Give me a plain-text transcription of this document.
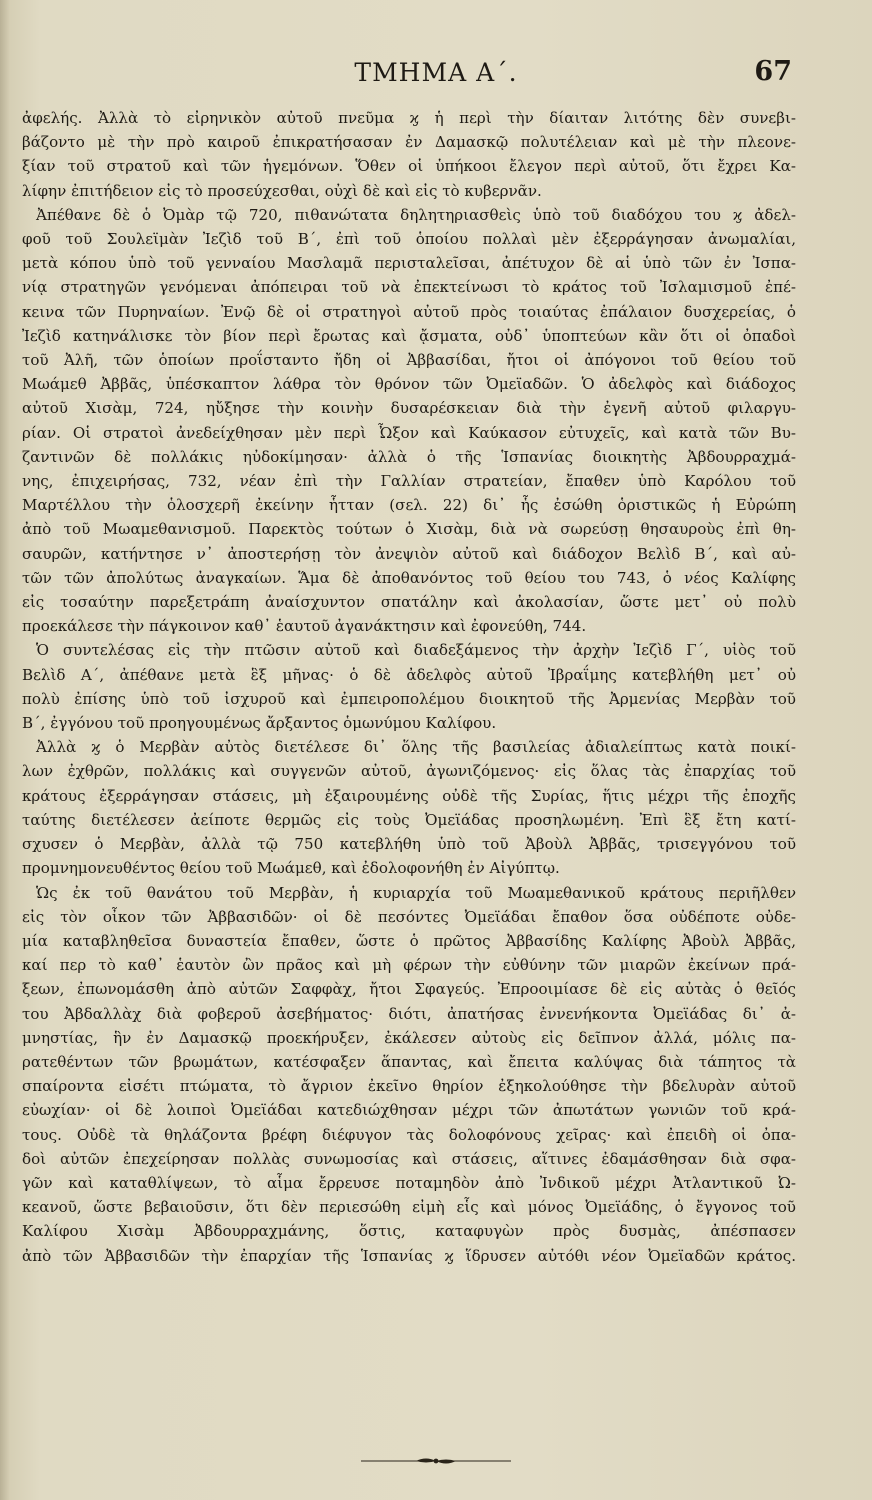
ΤΜΗΜΑ Α΄.	67
ἀφελής. Ἀλλὰ τὸ εἰρηνικὸν αὐτοῦ πνεῦμα ϗ ἡ περὶ τὴν δίαιταν λιτότης δὲν συνεβι-
βάζοντο μὲ τὴν πρὸ καιροῦ ἐπικρατήσασαν ἐν Δαμασκῷ πολυτέλειαν καὶ μὲ τὴν πλεονε-
ξίαν τοῦ στρατοῦ καὶ τῶν ἡγεμόνων. Ὅθεν οἱ ὑπήκοοι ἔλεγον περὶ αὐτοῦ, ὅτι ἔχρει Κα-
λίφην ἐπιτήδειον εἰς τὸ προσεύχεσθαι, οὐχὶ δὲ καὶ εἰς τὸ κυβερνᾶν.
Ἀπέθανε δὲ ὁ Ὀμὰρ τῷ 720, πιθανώτατα δηλητηριασθεὶς ὑπὸ τοῦ διαδόχου του ϗ ἀδελ-
φοῦ τοῦ Σουλεϊμὰν Ἰεζὶδ τοῦ Β΄, ἐπὶ τοῦ ὁποίου πολλαὶ μὲν ἐξερράγησαν ἀνωμαλίαι,
μετὰ κόπου ὑπὸ τοῦ γενναίου Μασλαμᾶ περισταλεῖσαι, ἀπέτυχον δὲ αἱ ὑπὸ τῶν ἐν Ἰσπα-
νίᾳ στρατηγῶν γενόμεναι ἀπόπειραι τοῦ νὰ ἐπεκτείνωσι τὸ κράτος τοῦ Ἰσλαμισμοῦ ἐπέ-
κεινα τῶν Πυρηναίων. Ἐνῷ δὲ οἱ στρατηγοὶ αὐτοῦ πρὸς τοιαύτας ἐπάλαιον δυσχερείας, ὁ
Ἰεζὶδ κατηνάλισκε τὸν βίον περὶ ἔρωτας καὶ ᾄσματα, οὐδ᾽ ὑποπτεύων κἂν ὅτι οἱ ὀπαδοὶ
τοῦ Ἀλῆ, τῶν ὁποίων προΐσταντο ἤδη οἱ Ἀββασίδαι, ἤτοι οἱ ἀπόγονοι τοῦ θείου τοῦ
Μωάμεθ Ἀββᾶς, ὑπέσκαπτον λάθρα τὸν θρόνον τῶν Ὀμεϊαδῶν. Ὁ ἀδελφὸς καὶ διάδοχος
αὐτοῦ Χισὰμ, 724, ηὔξησε τὴν κοινὴν δυσαρέσκειαν διὰ τὴν ἐγενῆ αὐτοῦ φιλαργυ-
ρίαν. Οἱ στρατοὶ ἀνεδείχθησαν μὲν περὶ Ὦξον καὶ Καύκασον εὐτυχεῖς, καὶ κατὰ τῶν Βυ-
ζαντινῶν δὲ πολλάκις ηὐδοκίμησαν· ἀλλὰ ὁ τῆς Ἱσπανίας διοικητὴς Ἀβδουρραχμά-
νης, ἐπιχειρήσας, 732, νέαν ἐπὶ τὴν Γαλλίαν στρατείαν, ἔπαθεν ὑπὸ Καρόλου τοῦ
Μαρτέλλου τὴν ὁλοσχερῆ ἐκείνην ἧτταν (σελ. 22) δι᾽ ἧς ἐσώθη ὁριστικῶς ἡ Εὐρώπη
ἀπὸ τοῦ Μωαμεθανισμοῦ. Παρεκτὸς τούτων ὁ Χισὰμ, διὰ νὰ σωρεύσῃ θησαυροὺς ἐπὶ θη-
σαυρῶν, κατήντησε ν᾽ ἀποστερήσῃ τὸν ἀνεψιὸν αὐτοῦ καὶ διάδοχον Βελὶδ Β΄, καὶ αὐ-
τῶν τῶν ἀπολύτως ἀναγκαίων. Ἅμα δὲ ἀποθανόντος τοῦ θείου του 743, ὁ νέος Καλίφης
εἰς τοσαύτην παρεξετράπη ἀναίσχυντον σπατάλην καὶ ἀκολασίαν, ὥστε μετ᾽ οὐ πολὺ
προεκάλεσε τὴν πάγκοινον καθ᾽ ἑαυτοῦ ἀγανάκτησιν καὶ ἐφονεύθη, 744.
Ὁ συντελέσας εἰς τὴν πτῶσιν αὐτοῦ καὶ διαδεξάμενος τὴν ἀρχὴν Ἰεζὶδ Γ΄, υἱὸς τοῦ
Βελὶδ Α΄, ἀπέθανε μετὰ ἓξ μῆνας· ὁ δὲ ἀδελφὸς αὐτοῦ Ἰβραΐμης κατεβλήθη μετ᾽ οὐ
πολὺ ἐπίσης ὑπὸ τοῦ ἰσχυροῦ καὶ ἐμπειροπολέμου διοικητοῦ τῆς Ἀρμενίας Μερβὰν τοῦ
Β΄, ἐγγόνου τοῦ προηγουμένως ἄρξαντος ὁμωνύμου Καλίφου.
Ἀλλὰ ϗ ὁ Μερβὰν αὐτὸς διετέλεσε δι᾽ ὅλης τῆς βασιλείας ἀδιαλείπτως κατὰ ποικί-
λων ἐχθρῶν, πολλάκις καὶ συγγενῶν αὐτοῦ, ἀγωνιζόμενος· εἰς ὅλας τὰς ἐπαρχίας τοῦ
κράτους ἐξερράγησαν στάσεις, μὴ ἐξαιρουμένης οὐδὲ τῆς Συρίας, ἥτις μέχρι τῆς ἐποχῆς
ταύτης διετέλεσεν ἀείποτε θερμῶς εἰς τοὺς Ὀμεϊάδας προσηλωμένη. Ἐπὶ ἓξ ἔτη κατί-
σχυσεν ὁ Μερβὰν, ἀλλὰ τῷ 750 κατεβλήθη ὑπὸ τοῦ Ἀβοὺλ Ἀββᾶς, τρισεγγόνου τοῦ
προμνημονευθέντος θείου τοῦ Μωάμεθ, καὶ ἐδολοφονήθη ἐν Αἰγύπτῳ.
Ὡς ἐκ τοῦ θανάτου τοῦ Μερβὰν, ἡ κυριαρχία τοῦ Μωαμεθανικοῦ κράτους περιῆλθεν
εἰς τὸν οἶκον τῶν Ἀββασιδῶν· οἱ δὲ πεσόντες Ὀμεϊάδαι ἔπαθον ὅσα οὐδέποτε οὐδε-
μία καταβληθεῖσα δυναστεία ἔπαθεν, ὥστε ὁ πρῶτος Ἀββασίδης Καλίφης Ἀβοὺλ Ἀββᾶς,
καί περ τὸ καθ᾽ ἑαυτὸν ὢν πρᾶος καὶ μὴ φέρων τὴν εὐθύνην τῶν μιαρῶν ἐκείνων πρά-
ξεων, ἐπωνομάσθη ἀπὸ αὐτῶν Σαφφὰχ, ἤτοι Σφαγεύς. Ἐπροοιμίασε δὲ εἰς αὐτὰς ὁ θεῖός
του Ἀβδαλλὰχ διὰ φοβεροῦ ἀσεβήματος· διότι, ἀπατήσας ἐννενήκοντα Ὀμεϊάδας δι᾽ ἀ-
μνηστίας, ἣν ἐν Δαμασκῷ προεκήρυξεν, ἐκάλεσεν αὐτοὺς εἰς δεῖπνον ἀλλά, μόλις πα-
ρατεθέντων τῶν βρωμάτων, κατέσφαξεν ἅπαντας, καὶ ἔπειτα καλύψας διὰ τάπητος τὰ
σπαίροντα εἰσέτι πτώματα, τὸ ἄγριον ἐκεῖνο θηρίον ἐξηκολούθησε τὴν βδελυρὰν αὐτοῦ
εὐωχίαν· οἱ δὲ λοιποὶ Ὀμεϊάδαι κατεδιώχθησαν μέχρι τῶν ἀπωτάτων γωνιῶν τοῦ κρά-
τους. Οὐδὲ τὰ θηλάζοντα βρέφη διέφυγον τὰς δολοφόνους χεῖρας· καὶ ἐπειδὴ οἱ ὀπα-
δοὶ αὐτῶν ἐπεχείρησαν πολλὰς συνωμοσίας καὶ στάσεις, αἵτινες ἐδαμάσθησαν διὰ σφα-
γῶν καὶ καταθλίψεων, τὸ αἷμα ἔρρευσε ποταμηδὸν ἀπὸ Ἰνδικοῦ μέχρι Ἀτλαντικοῦ Ὠ-
κεανοῦ, ὥστε βεβαιοῦσιν, ὅτι δὲν περιεσώθη εἰμὴ εἷς καὶ μόνος Ὀμεϊάδης, ὁ ἔγγονος τοῦ
Καλίφου Χισὰμ Ἀβδουρραχμάνης, ὅστις, καταφυγὼν πρὸς δυσμὰς, ἀπέσπασεν
ἀπὸ τῶν Ἀββασιδῶν τὴν ἐπαρχίαν τῆς Ἱσπανίας ϗ ἵδρυσεν αὐτόθι νέον Ὀμεϊαδῶν κράτος.
